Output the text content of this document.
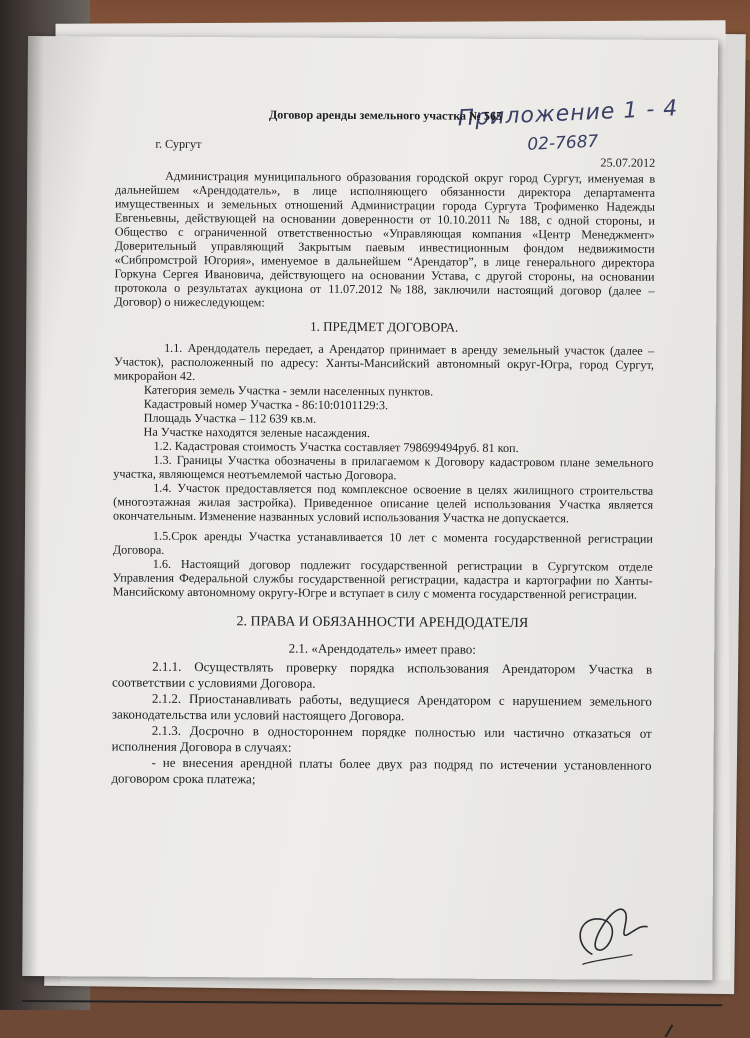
Приложение 1 - 4
02-7687

Договор аренды земельного участка № 565

г. Сургут
25.07.2012

Администрация муниципального образования городской округ город Сургут, именуемая в дальнейшем «Арендодатель», в лице исполняющего обязанности директора департамента имущественных и земельных отношений Администрации города Сургута Трофименко Надежды Евгеньевны, действующей на основании доверенности от 10.10.2011 № 188, с одной стороны, и Общество с ограниченной ответственностью «Управляющая компания «Центр Менеджмент» Доверительный управляющий Закрытым паевым инвестиционным фондом недвижимости «Сибпромстрой Югория», именуемое в дальнейшем “Арендатор”, в лице генерального директора Горкуна Сергея Ивановича, действующего на основании Устава, с другой стороны, на основании протокола о результатах аукциона от 11.07.2012 №188, заключили настоящий договор (далее – Договор) о нижеследующем:

1. ПРЕДМЕТ ДОГОВОРА.

1.1. Арендодатель передает, а Арендатор принимает в аренду земельный участок (далее – Участок), расположенный по адресу: Ханты-Мансийский автономный округ-Югра, город Сургут, микрорайон 42.

Категория земель Участка - земли населенных пунктов.

Кадастровый номер Участка - 86:10:0101129:3.

Площадь Участка – 112 639 кв.м.

На Участке находятся зеленые насаждения.

1.2. Кадастровая стоимость Участка составляет 798699494руб. 81 коп.

1.3. Границы Участка обозначены в прилагаемом к Договору кадастровом плане земельного участка, являющемся неотъемлемой частью Договора.

1.4. Участок предоставляется под комплексное освоение в целях жилищного строительства (многоэтажная жилая застройка). Приведенное описание целей использования Участка является окончательным. Изменение названных условий использования Участка не допускается.

1.5.Срок аренды Участка устанавливается 10 лет с момента государственной регистрации Договора.

1.6. Настоящий договор подлежит государственной регистрации в Сургутском отделе Управления Федеральной службы государственной регистрации, кадастра и картографии по Ханты-Мансийскому автономному округу-Югре и вступает в силу с момента государственной регистрации.

2. ПРАВА И ОБЯЗАННОСТИ АРЕНДОДАТЕЛЯ

2.1. «Арендодатель» имеет право:

2.1.1. Осуществлять проверку порядка использования Арендатором Участка в соответствии с условиями Договора.

2.1.2. Приостанавливать работы, ведущиеся Арендатором с нарушением земельного законодательства или условий настоящего Договора.

2.1.3. Досрочно в одностороннем порядке полностью или частично отказаться от исполнения Договора в случаях:

- не внесения арендной платы более двух раз подряд по истечении установленного договором срока платежа;
